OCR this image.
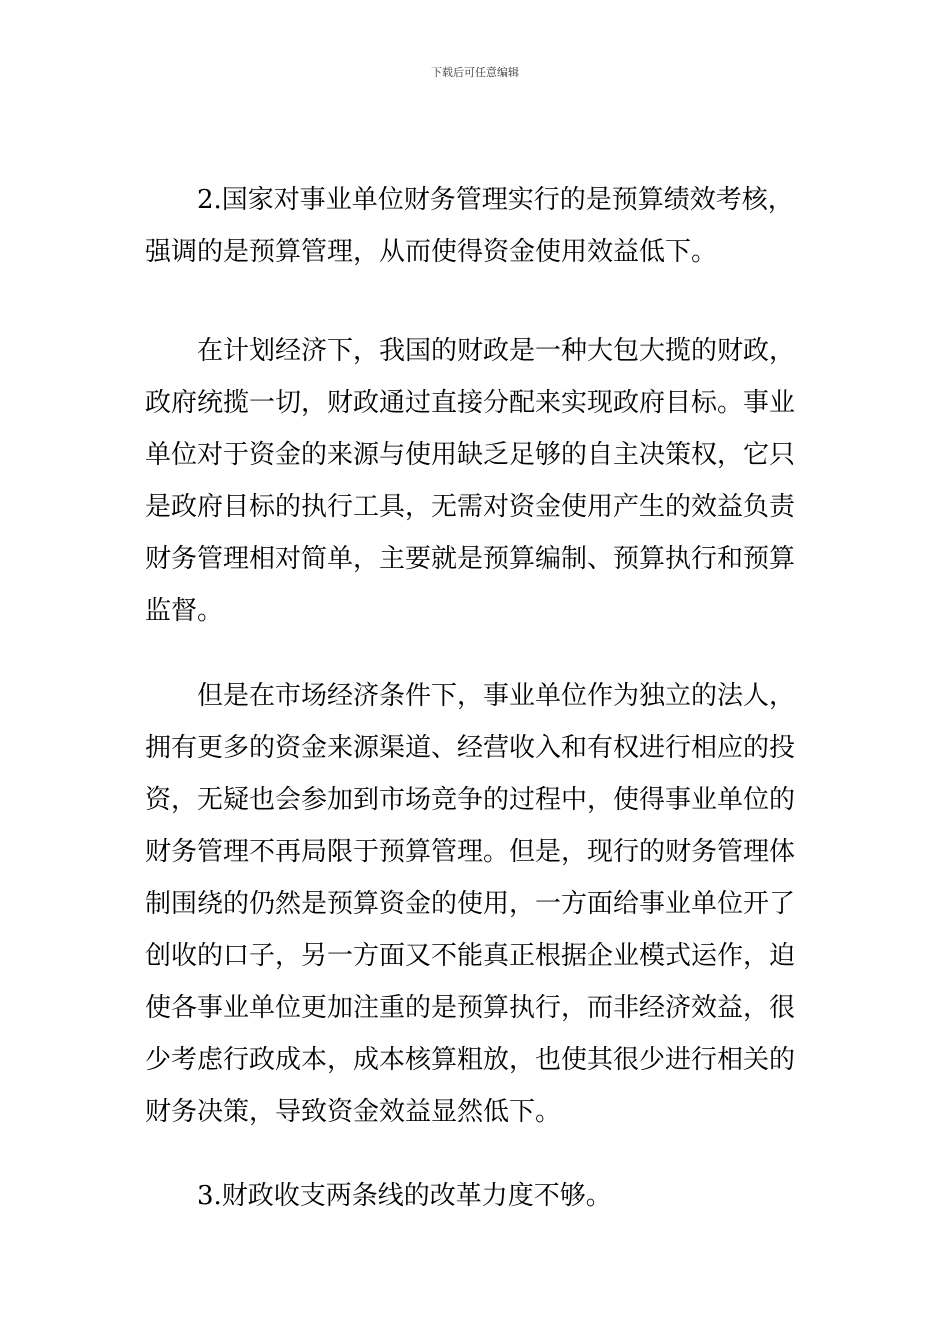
下载后可任意编辑

2.国家对事业单位财务管理实行的是预算绩效考核，强调的是预算管理，从而使得资金使用效益低下。

在计划经济下，我国的财政是一种大包大揽的财政，政府统揽一切，财政通过直接分配来实现政府目标。事业单位对于资金的来源与使用缺乏足够的自主决策权，它只是政府目标的执行工具，无需对资金使用产生的效益负责财务管理相对简单，主要就是预算编制、预算执行和预算监督。

但是在市场经济条件下，事业单位作为独立的法人，拥有更多的资金来源渠道、经营收入和有权进行相应的投资，无疑也会参加到市场竞争的过程中，使得事业单位的财务管理不再局限于预算管理。但是，现行的财务管理体制围绕的仍然是预算资金的使用，一方面给事业单位开了创收的口子，另一方面又不能真正根据企业模式运作，迫使各事业单位更加注重的是预算执行，而非经济效益，很少考虑行政成本，成本核算粗放，也使其很少进行相关的财务决策，导致资金效益显然低下。

3.财政收支两条线的改革力度不够。
